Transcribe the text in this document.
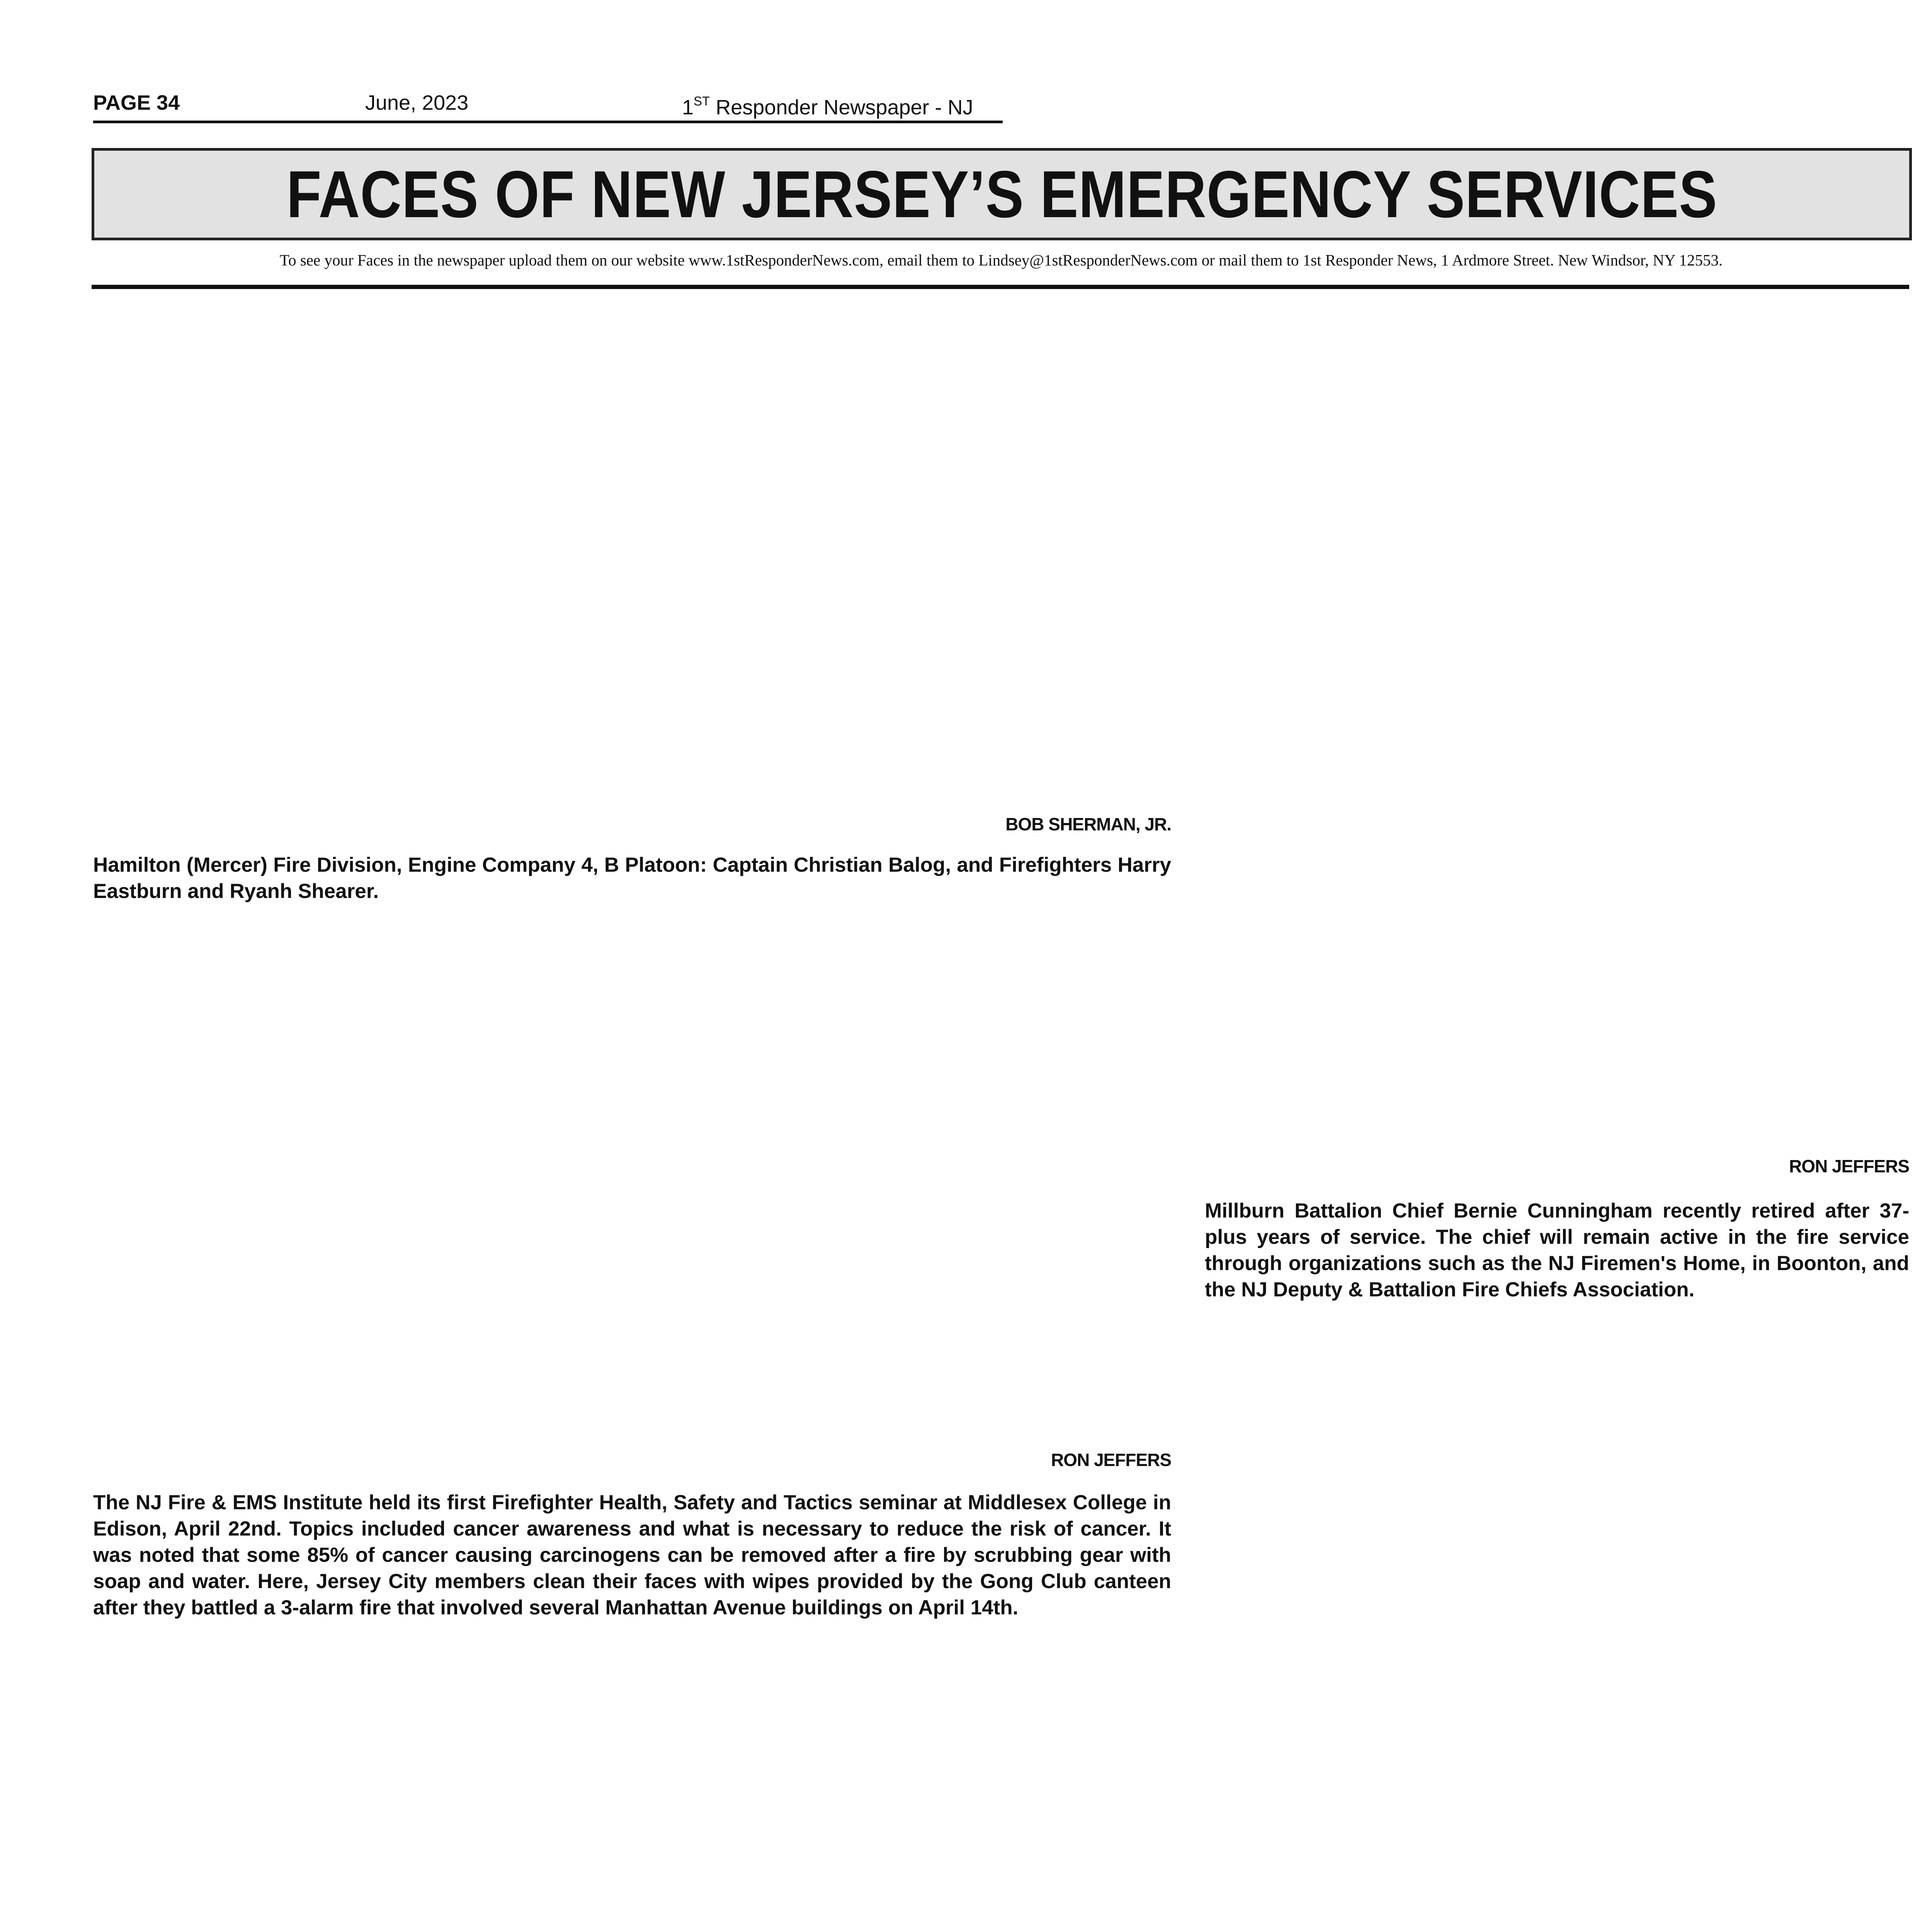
PAGE 34	June, 2023	1ST Responder Newspaper - NJ
FACES OF NEW JERSEY’S EMERGENCY SERVICES
To see your Faces in the newspaper upload them on our website www.1stResponderNews.com, email them to Lindsey@1stResponderNews.com or mail them to 1st Responder News, 1 Ardmore Street. New Windsor, NY 12553.
BOB SHERMAN, JR.
Hamilton (Mercer) Fire Division, Engine Company 4, B Platoon: Captain Christian Balog, and Firefighters Harry Eastburn and Ryanh Shearer.
RON JEFFERS
Millburn Battalion Chief Bernie Cunningham recently retired after 37-plus years of service. The chief will remain active in the fire service through organizations such as the NJ Firemen's Home, in Boonton, and the NJ Deputy & Battalion Fire Chiefs Association.
RON JEFFERS
The NJ Fire & EMS Institute held its first Firefighter Health, Safety and Tactics seminar at Middlesex College in Edison, April 22nd. Topics included cancer awareness and what is necessary to reduce the risk of cancer. It was noted that some 85% of cancer causing carcinogens can be removed after a fire by scrubbing gear with soap and water. Here, Jersey City members clean their faces with wipes provided by the Gong Club canteen after they battled a 3-alarm fire that involved several Manhattan Avenue buildings on April 14th.
